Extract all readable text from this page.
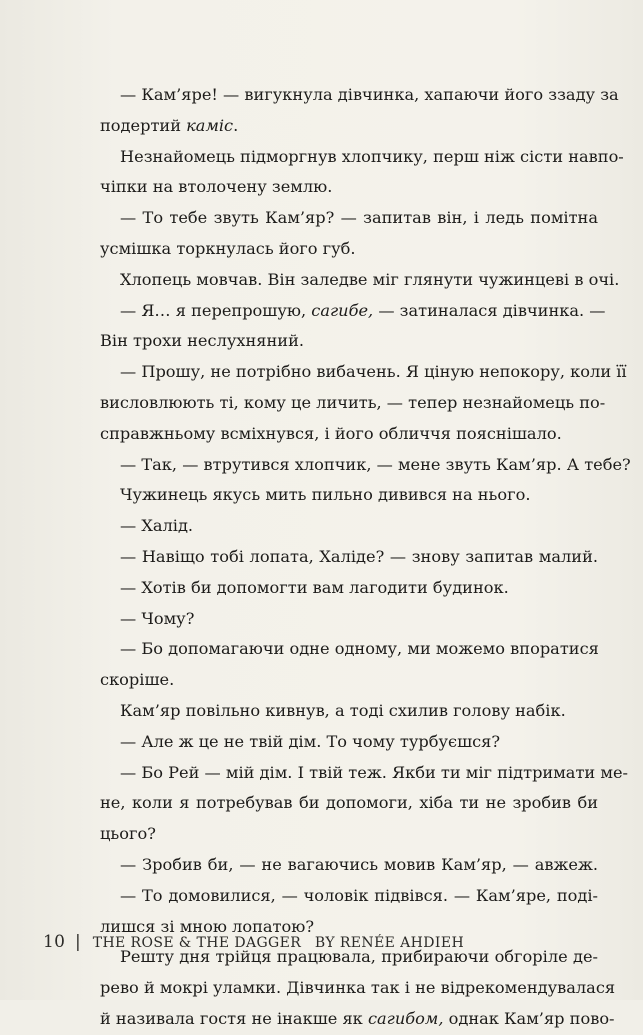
— Кам’яре! — вигукнула дівчинка, хапаючи його ззаду за
подертий каміс.
Незнайомець підморгнув хлопчику, перш ніж сісти навпо-
чіпки на втолочену землю.
— То тебе звуть Кам’яр? — запитав він, і ледь помітна
усмішка торкнулась його губ.
Хлопець мовчав. Він заледве міг глянути чужинцеві в очі.
— Я… я перепрошую, сагибе, — затиналася дівчинка. —
Він трохи неслухняний.
— Прошу, не потрібно вибачень. Я ціную непокору, коли її
висловлюють ті, кому це личить, — тепер незнайомець по-
справжньому всміхнувся, і його обличчя пояснішало.
— Так, — втрутився хлопчик, — мене звуть Кам’яр. А тебе?
Чужинець якусь мить пильно дивився на нього.
— Халід.
— Навіщо тобі лопата, Халіде? — знову запитав малий.
— Хотів би допомогти вам лагодити будинок.
— Чому?
— Бо допомагаючи одне одному, ми можемо впоратися
скоріше.
Кам’яр повільно кивнув, а тоді схилив голову набік.
— Але ж це не твій дім. То чому турбуєшся?
— Бо Рей — мій дім. І твій теж. Якби ти міг підтримати ме-
не, коли я потребував би допомоги, хіба ти не зробив би
цього?
— Зробив би, — не вагаючись мовив Кам’яр, — авжеж.
— То домовилися, — чоловік підвівся. — Кам’яре, поді-
лишся зі мною лопатою?
Решту дня трійця працювала, прибираючи обгоріле де-
рево й мокрі уламки. Дівчинка так і не відрекомендувалася
й називала гостя не інакше як сагибом, однак Кам’яр пово-
10 | THE ROSE & THE DAGGER BY RENÉE AHDIEH
